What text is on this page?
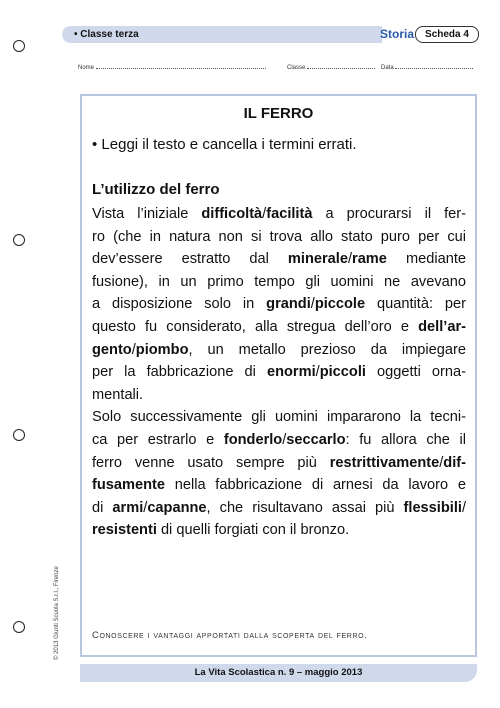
• Classe terza	Storia	Scheda 4
Nome	Classe	Data
IL FERRO
• Leggi il testo e cancella i termini errati.
L’utilizzo del ferro
Vista l’iniziale difficoltà/facilità a procurarsi il fer-
ro (che in natura non si trova allo stato puro per cui
dev’essere estratto dal minerale/rame mediante
fusione), in un primo tempo gli uomini ne avevano
a disposizione solo in grandi/piccole quantità: per
questo fu considerato, alla stregua dell’oro e dell’ar-
gento/piombo, un metallo prezioso da impiegare
per la fabbricazione di enormi/piccoli oggetti orna-
mentali.
Solo successivamente gli uomini impararono la tecni-
ca per estrarlo e fonderlo/seccarlo: fu allora che il
ferro venne usato sempre più restrittivamente/dif-
fusamente nella fabbricazione di arnesi da lavoro e
di armi/capanne, che risultavano assai più flessibili/
resistenti di quelli forgiati con il bronzo.
Conoscere i vantaggi apportati dalla scoperta del ferro.
© 2013 Giunti Scuola S.r.l., Firenze
La Vita Scolastica n. 9 – maggio 2013
